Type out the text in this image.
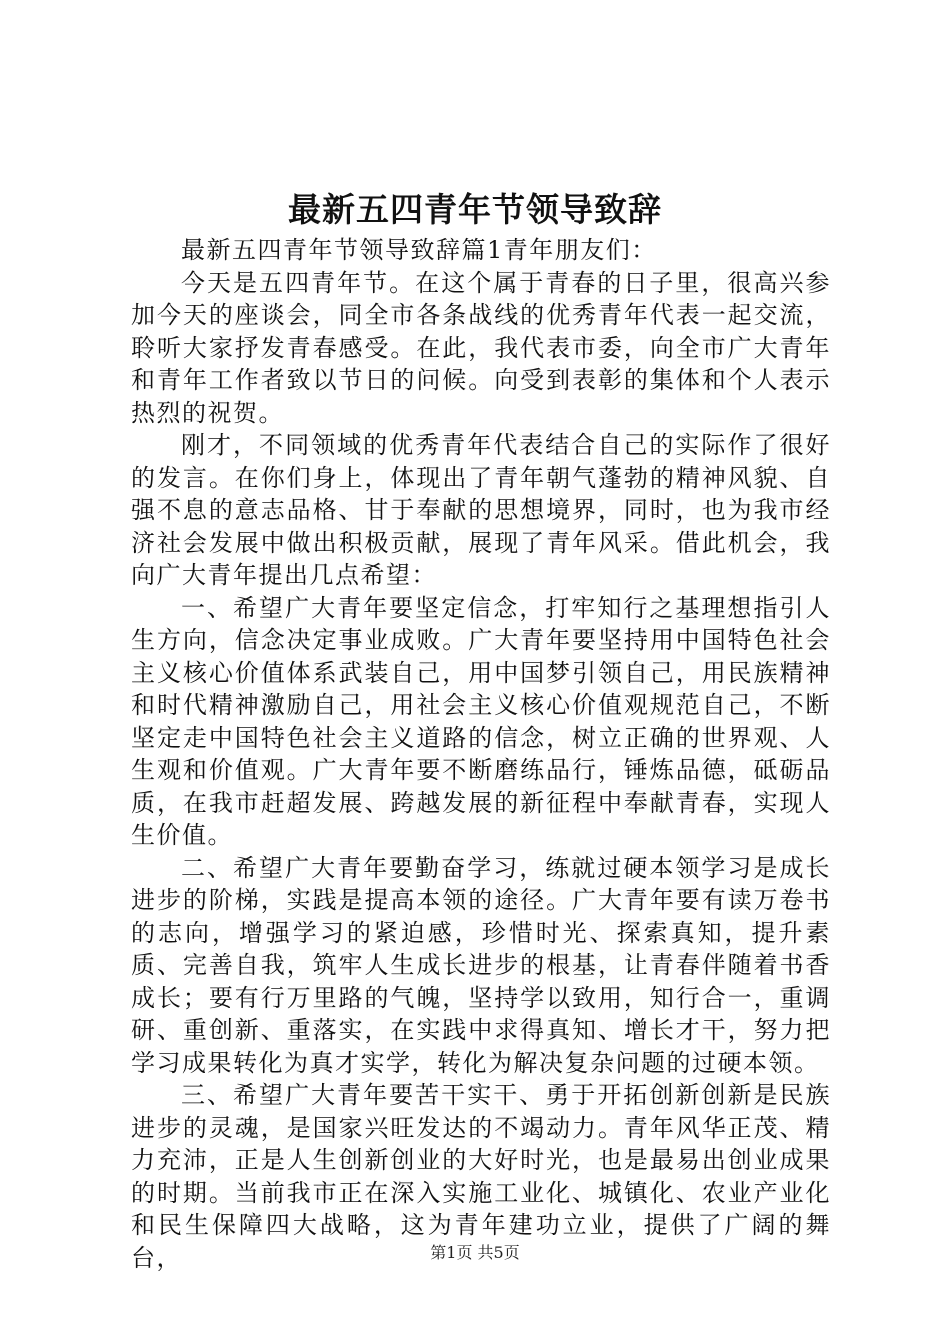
最新五四青年节领导致辞

最新五四青年节领导致辞篇1青年朋友们：

今天是五四青年节。在这个属于青春的日子里，很高兴参加今天的座谈会，同全市各条战线的优秀青年代表一起交流，聆听大家抒发青春感受。在此，我代表市委，向全市广大青年和青年工作者致以节日的问候。向受到表彰的集体和个人表示热烈的祝贺。

刚才，不同领域的优秀青年代表结合自己的实际作了很好的发言。在你们身上，体现出了青年朝气蓬勃的精神风貌、自强不息的意志品格、甘于奉献的思想境界，同时，也为我市经济社会发展中做出积极贡献，展现了青年风采。借此机会，我向广大青年提出几点希望：

一、希望广大青年要坚定信念，打牢知行之基理想指引人生方向，信念决定事业成败。广大青年要坚持用中国特色社会主义核心价值体系武装自己，用中国梦引领自己，用民族精神和时代精神激励自己，用社会主义核心价值观规范自己，不断坚定走中国特色社会主义道路的信念，树立正确的世界观、人生观和价值观。广大青年要不断磨练品行，锤炼品德，砥砺品质，在我市赶超发展、跨越发展的新征程中奉献青春，实现人生价值。

二、希望广大青年要勤奋学习，练就过硬本领学习是成长进步的阶梯，实践是提高本领的途径。广大青年要有读万卷书的志向，增强学习的紧迫感，珍惜时光、探索真知，提升素质、完善自我，筑牢人生成长进步的根基，让青春伴随着书香成长；要有行万里路的气魄，坚持学以致用，知行合一，重调研、重创新、重落实，在实践中求得真知、增长才干，努力把学习成果转化为真才实学，转化为解决复杂问题的过硬本领。

三、希望广大青年要苦干实干、勇于开拓创新创新是民族进步的灵魂，是国家兴旺发达的不竭动力。青年风华正茂、精力充沛，正是人生创新创业的大好时光，也是最易出创业成果的时期。当前我市正在深入实施工业化、城镇化、农业产业化和民生保障四大战略，这为青年建功立业，提供了广阔的舞台，	第1页 共5页
